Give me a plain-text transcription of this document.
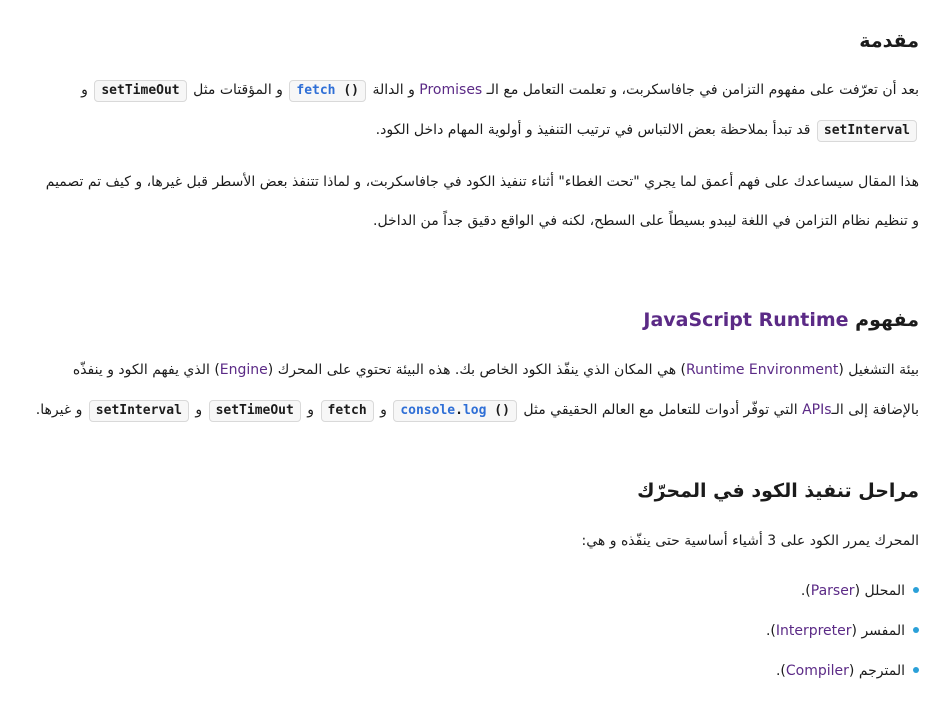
مقدمة

بعد أن تعرّفت على مفهوم التزامن في جافاسكربت، و تعلمت التعامل مع الـ Promises و الدالة fetch () و المؤقتات مثل setTimeOut و

setInterval قد تبدأ بملاحظة بعض الالتباس في ترتيب التنفيذ و أولوية المهام داخل الكود.

هذا المقال سيساعدك على فهم أعمق لما يجري "تحت الغطاء" أثناء تنفيذ الكود في جافاسكربت، و لماذا تتنفذ بعض الأسطر قبل غيرها، و كيف تم تصميم

و تنظيم نظام التزامن في اللغة ليبدو بسيطاً على السطح، لكنه في الواقع دقيق جداً من الداخل.

مفهوم JavaScript Runtime

بيئة التشغيل (Runtime Environment) هي المكان الذي ينفّذ الكود الخاص بك. هذه البيئة تحتوي على المحرك (Engine) الذي يفهم الكود و ينفذّه

بالإضافة إلى الـAPIs التي توفّر أدوات للتعامل مع العالم الحقيقي مثل console.log () و fetch و setTimeOut و setInterval و غيرها.

مراحل تنفيذ الكود في المحرّك

المحرك يمرر الكود على 3 أشياء أساسية حتى ينفّذه و هي:

المحلل (Parser).
المفسر (Interpreter).
المترجم (Compiler).
